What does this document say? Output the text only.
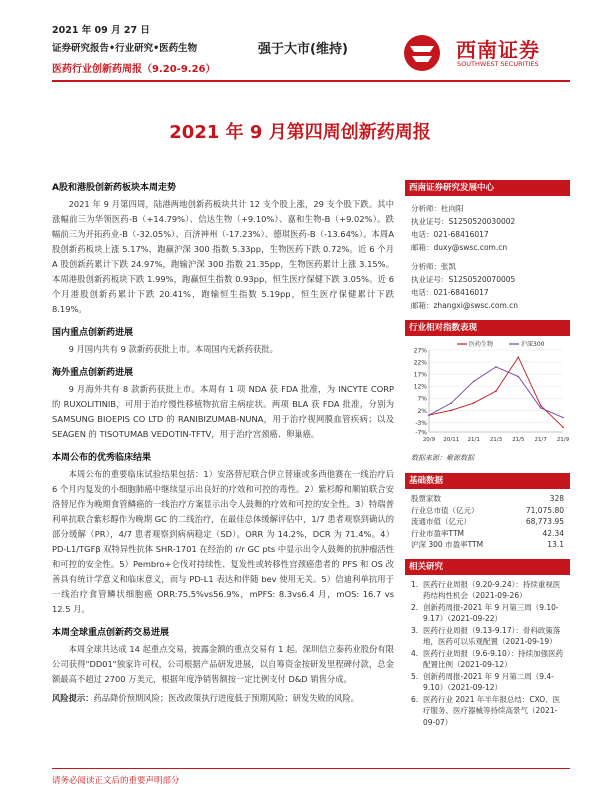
2021 年 09 月 27 日
证券研究报告•行业研究•医药生物
医药行业创新药周报（9.20-9.26）
强于大市(维持)	西南证券
SOUTHWEST SECURITIES
2021 年 9 月第四周创新药周报

A股和港股创新药板块本周走势

2021 年 9 月第四周，陆港两地创新药板块共计 12 支个股上涨，29 支个股下跌。其中涨幅前三为华领医药-B（+14.79%）、信达生物（+9.10%）、嘉和生物-B（+9.02%）。跌幅前三为开拓药业-B（-32.05%）、百济神州（-17.23%）、德琪医药-B（-13.64%）。本周A股创新药板块上涨 5.17%，跑赢沪深 300 指数 5.33pp，生物医药下跌 0.72%。近 6 个月 A 股创新药累计下跌 24.97%，跑输沪深 300 指数 21.35pp，生物医药累计上涨 3.15%。本周港股创新药板块下跌 1.99%，跑赢恒生指数 0.93pp，恒生医疗保健下跌 3.05%。近 6 个月港股创新药累计下跌 20.41%，跑输恒生指数 5.19pp，恒生医疗保健累计下跌 8.19%。

国内重点创新药进展

9 月国内共有 9 款新药获批上市。本周国内无新药获批。

海外重点创新药进展

9 月海外共有 8 款新药获批上市。本周有 1 项 NDA 获 FDA 批准，为 INCYTE CORP 的 RUXOLITINIB，可用于治疗慢性移植物抗宿主病症状。两项 BLA 获 FDA 批准，分别为 SAMSUNG BIOEPIS CO LTD 的 RANIBIZUMAB-NUNA，用于治疗视网膜血管疾病；以及 SEAGEN 的 TISOTUMAB VEDOTIN-TFTV，用于治疗宫颈癌、卵巢癌。

本周公布的优秀临床结果

本周公布的重要临床试验结果包括：1）安洛替尼联合伊立替康或多西他赛在一线治疗后 6 个月内复发的小细胞肺癌中继续显示出良好的疗效和可控的毒性。2）紫杉醇和顺铂联合安洛替尼作为晚期食管鳞癌的一线治疗方案显示出令人鼓舞的疗效和可控的安全性。3）特瑞普利单抗联合紫杉醇作为晚期 GC 的二线治疗，在最佳总体缓解评估中，1/7 患者观察到确认的部分缓解（PR），4/7 患者观察到病病稳定（SD）。ORR 为 14.2%，DCR 为 71.4%。4）PD-L1/TGFβ 双特异性抗体 SHR-1701 在经治的 r/r GC pts 中显示出令人鼓舞的抗肿瘤活性和可控的安全性。5）Pembro+仑伐对持续性、复发性或转移性宫颈癌患者的 PFS 和 OS 改善具有统计学意义和临床意义，而与 PD-L1 表达和伴随 bev 使用无关。5）信迪利单抗用于一线治疗食管鳞状细胞癌 ORR:75.5%vs56.9%，mPFS: 8.3vs6.4 月，mOS: 16.7 vs 12.5 月。

本周全球重点创新药交易进展

本周全球共达成 14 起重点交易，披露金额的重点交易有 1 起。深圳信立泰药业股份有限公司获得"DD01"独家许可权，公司根据产品研发进展，以自筹资金按研发里程碑付款，总金额最高不超过 2700 万美元，根据年度净销售额按一定比例支付 D&D 销售分成。

风险提示：药品降价预期风险；医改政策执行进度低于预期风险；研发失败的风险。

西南证券研究发展中心
分析师：杜向阳
执业证号：S1250520030002
电话：021-68416017
邮箱：duxy@swsc.com.cn
分析师：张凯
执业证号：S1250520070005
电话：021-68416017
邮箱：zhangxi@swsc.com.cn
行业相对指数表现
27%
22%
17%
12%
7%
2%
-3%
-7%
20/9 20/11 21/1 21/3 21/5 21/7 21/9
医药生物	沪深300
数据来源：聚源数据
基础数据
股票家数	328
行业总市值（亿元）	71,075.80
流通市值（亿元）	68,773.95
行业市盈率TTM	42.34
沪深 300 市盈率TTM	13.1
相关研究
1. 医药行业周报（9.20-9.24）：持续重视医药结构性机会（2021-09-26）
2. 创新药周报-2021 年 9 月第三周（9.10-9.17）（2021-09-22）
3. 医药行业周报（9.13-9.17）：骨科政策落地，医药可以乐观配置（2021-09-19）
4. 医药行业周报（9.6-9.10）：持续加强医药配置比例（2021-09-12）
5. 创新药周报-2021 年 9 月第二周（9.4-9.10）（2021-09-12）
6. 医药行业 2021 年半年报总结：CXO、医疗服务、医疗器械等持续高景气（2021-09-07）
请务必阅读正文后的重要声明部分
